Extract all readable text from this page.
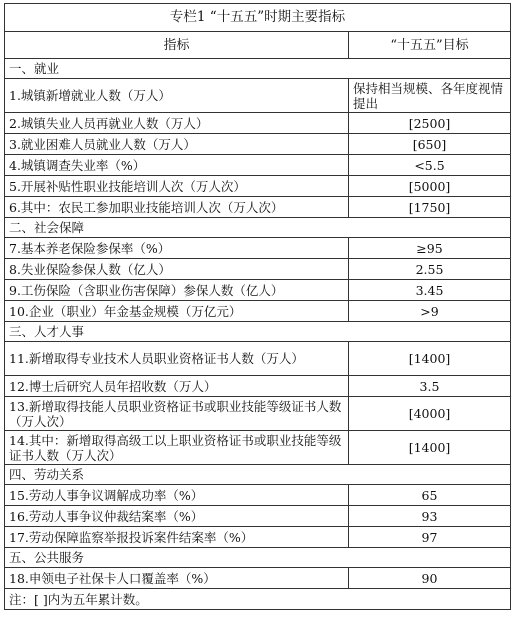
专栏1 “十五五”时期主要指标	
指标	“十五五”目标
一、就业	
1.城镇新增就业人数（万人）	保持相当规模、各年度视情提出
2.城镇失业人员再就业人数（万人）	[2500]
3.就业困难人员就业人数（万人）	[650]
4.城镇调查失业率（%）	<5.5
5.开展补贴性职业技能培训人次（万人次）	[5000]
6.其中：农民工参加职业技能培训人次（万人次）	[1750]
二、社会保障	
7.基本养老保险参保率（%）	≥95
8.失业保险参保人数（亿人）	2.55
9.工伤保险（含职业伤害保障）参保人数（亿人）	3.45
10.企业（职业）年金基金规模（万亿元）	>9
三、人才人事	
11.新增取得专业技术人员职业资格证书人数（万人）	[1400]
12.博士后研究人员年招收数（万人）	3.5
13.新增取得技能人员职业资格证书或职业技能等级证书人数（万人次）	[4000]
14.其中：新增取得高级工以上职业资格证书或职业技能等级证书人数（万人次）	[1400]
四、劳动关系	
15.劳动人事争议调解成功率（%）	65
16.劳动人事争议仲裁结案率（%）	93
17.劳动保障监察举报投诉案件结案率（%）	97
五、公共服务	
18.申领电子社保卡人口覆盖率（%）	90
注：[ ]内为五年累计数。	
